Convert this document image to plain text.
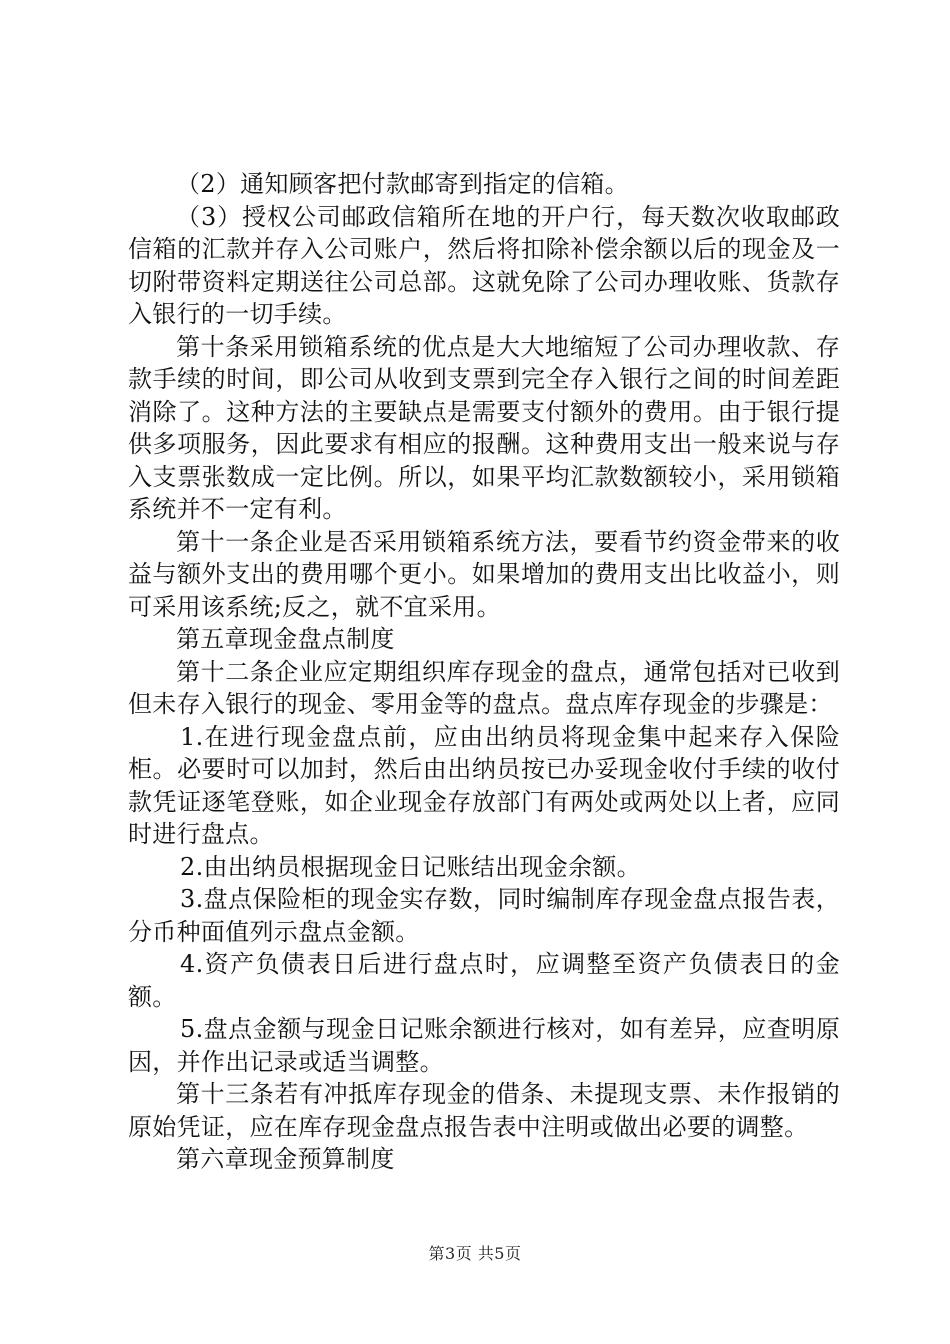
（2）通知顾客把付款邮寄到指定的信箱。

（3）授权公司邮政信箱所在地的开户行，每天数次收取邮政信箱的汇款并存入公司账户，然后将扣除补偿余额以后的现金及一切附带资料定期送往公司总部。这就免除了公司办理收账、货款存入银行的一切手续。

第十条采用锁箱系统的优点是大大地缩短了公司办理收款、存款手续的时间，即公司从收到支票到完全存入银行之间的时间差距消除了。这种方法的主要缺点是需要支付额外的费用。由于银行提供多项服务，因此要求有相应的报酬。这种费用支出一般来说与存入支票张数成一定比例。所以，如果平均汇款数额较小，采用锁箱系统并不一定有利。

第十一条企业是否采用锁箱系统方法，要看节约资金带来的收益与额外支出的费用哪个更小。如果增加的费用支出比收益小，则可采用该系统;反之，就不宜采用。

第五章现金盘点制度

第十二条企业应定期组织库存现金的盘点，通常包括对已收到但未存入银行的现金、零用金等的盘点。盘点库存现金的步骤是：

1.在进行现金盘点前，应由出纳员将现金集中起来存入保险柜。必要时可以加封，然后由出纳员按已办妥现金收付手续的收付款凭证逐笔登账，如企业现金存放部门有两处或两处以上者，应同时进行盘点。

2.由出纳员根据现金日记账结出现金余额。

3.盘点保险柜的现金实存数，同时编制库存现金盘点报告表，分币种面值列示盘点金额。

4.资产负债表日后进行盘点时，应调整至资产负债表日的金额。

5.盘点金额与现金日记账余额进行核对，如有差异，应查明原因，并作出记录或适当调整。

第十三条若有冲抵库存现金的借条、未提现支票、未作报销的原始凭证，应在库存现金盘点报告表中注明或做出必要的调整。

第六章现金预算制度

第3页 共5页
